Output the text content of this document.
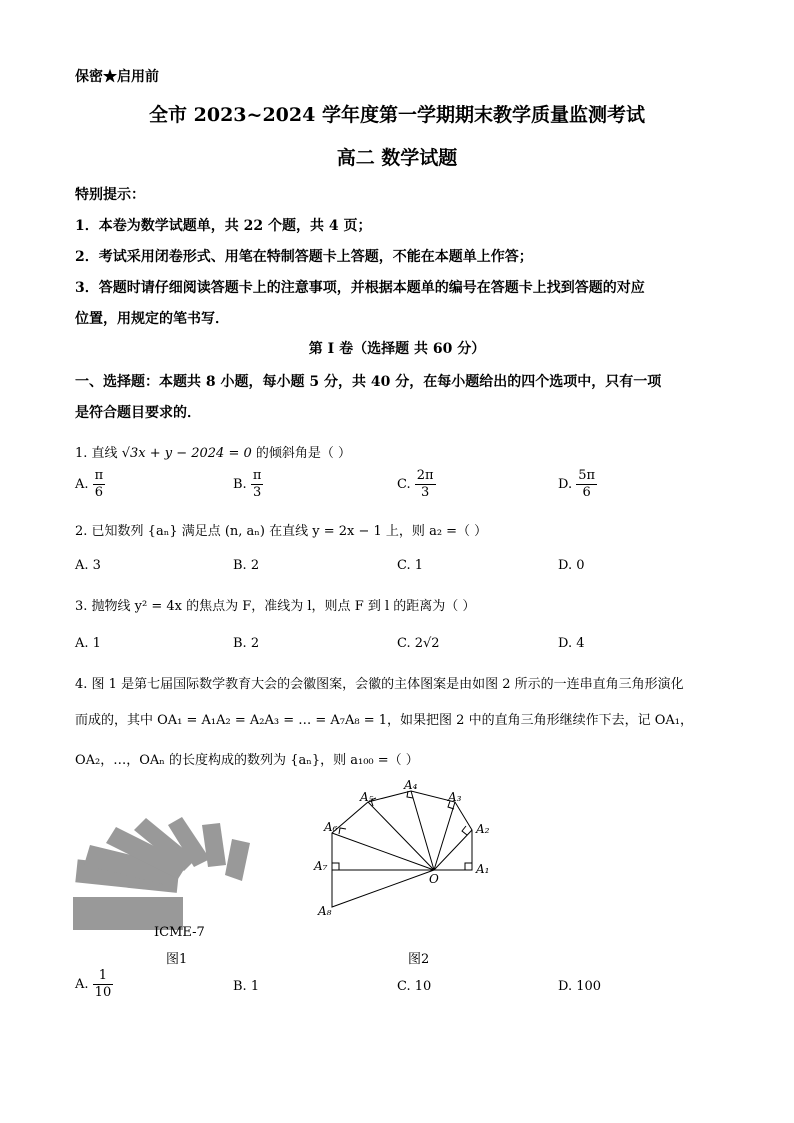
保密★启用前
全市 2023~2024 学年度第一学期期末教学质量监测考试
高二 数学试题
特别提示：
1．本卷为数学试题单，共 22 个题，共 4 页；
2．考试采用闭卷形式、用笔在特制答题卡上答题，不能在本题单上作答；
3．答题时请仔细阅读答题卡上的注意事项，并根据本题单的编号在答题卡上找到答题的对应
位置，用规定的笔书写．
第 Ⅰ 卷（选择题 共 60 分）
一、选择题：本题共 8 小题，每小题 5 分，共 40 分，在每小题给出的四个选项中，只有一项
是符合题目要求的．
1. 直线 √3x + y − 2024 = 0 的倾斜角是（ ）
A. $\frac{\pi}{6}$	B. $\frac{\pi}{3}$	C. $\frac{2\pi}{3}$	D. $\frac{5\pi}{6}$
2. 已知数列 {aₙ} 满足点 (n, aₙ) 在直线 y = 2x − 1 上，则 a₂ =（ ）
A. 3	B. 2	C. 1	D. 0
3. 抛物线 y² = 4x 的焦点为 F，准线为 l，则点 F 到 l 的距离为（ ）
A. 1	B. 2	C. 2√2	D. 4
4. 图 1 是第七届国际数学教育大会的会徽图案，会徽的主体图案是由如图 2 所示的一连串直角三角形演化
而成的，其中 OA₁ = A₁A₂ = A₂A₃ = … = A₇A₈ = 1，如果把图 2 中的直角三角形继续作下去，记 OA₁，
OA₂，…，OAₙ 的长度构成的数列为 {aₙ}，则 a₁₀₀ =（ ）
ICME-7
图1
A₁
A₂
A₃
A₄
A₅
A₆
A₇
A₈
O
图2
A. $\frac{1}{10}$	B. 1	C. 10	D. 100
